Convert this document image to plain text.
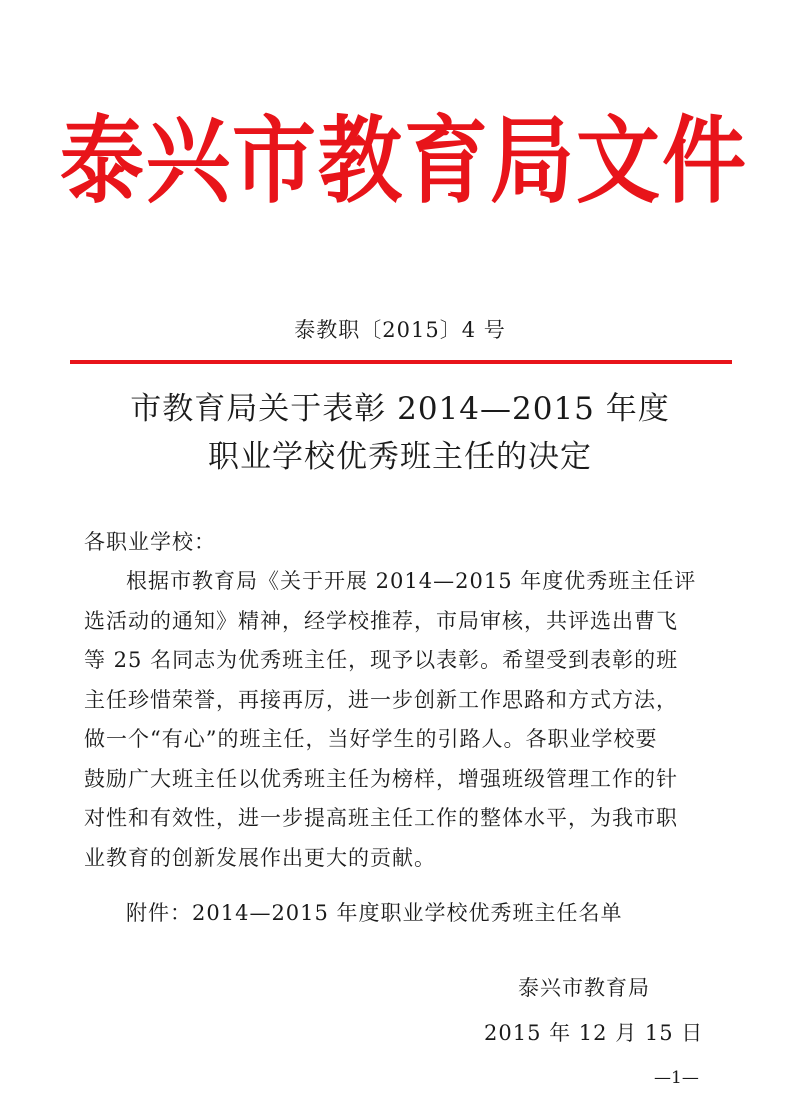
泰兴市教育局文件
泰教职〔2015〕4 号
市教育局关于表彰 2014—2015 年度
职业学校优秀班主任的决定
各职业学校：
根据市教育局《关于开展 2014—2015 年度优秀班主任评
选活动的通知》精神，经学校推荐，市局审核，共评选出曹飞
等 25 名同志为优秀班主任，现予以表彰。希望受到表彰的班
主任珍惜荣誉，再接再厉，进一步创新工作思路和方式方法，
做一个“有心”的班主任，当好学生的引路人。各职业学校要
鼓励广大班主任以优秀班主任为榜样，增强班级管理工作的针
对性和有效性，进一步提高班主任工作的整体水平，为我市职
业教育的创新发展作出更大的贡献。
附件：2014—2015 年度职业学校优秀班主任名单
泰兴市教育局
2015 年 12 月 15 日
—1—
